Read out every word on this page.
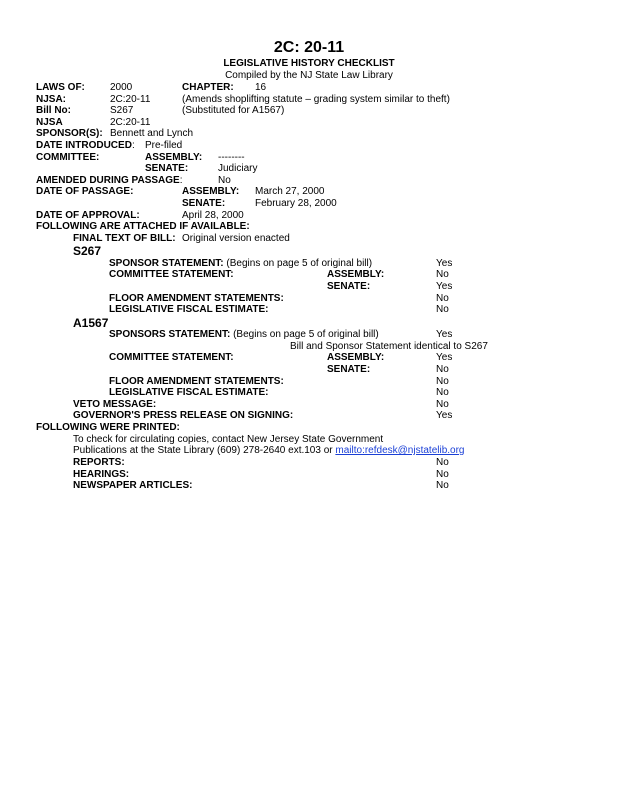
2C: 20-11
LEGISLATIVE HISTORY CHECKLIST
Compiled by the NJ State Law Library
LAWS OF:	2000	CHAPTER: 16
NJSA:	2C:20-11	(Amends shoplifting statute – grading system similar to theft)
Bill No:	S267	(Substituted for A1567)
NJSA	2C:20-11
SPONSOR(S): Bennett and Lynch
DATE INTRODUCED: Pre-filed
COMMITTEE:	ASSEMBLY: --------
SENATE:	Judiciary
AMENDED DURING PASSAGE:	No
DATE OF PASSAGE:	ASSEMBLY: March 27, 2000
SENATE:	February 28, 2000
DATE OF APPROVAL:	April 28, 2000
FOLLOWING ARE ATTACHED IF AVAILABLE:
FINAL TEXT OF BILL: Original version enacted
S267
SPONSOR STATEMENT: (Begins on page 5 of original bill)	Yes
COMMITTEE STATEMENT:	ASSEMBLY:	No
SENATE:	Yes
FLOOR AMENDMENT STATEMENTS:	No
LEGISLATIVE FISCAL ESTIMATE:	No
A1567
SPONSORS STATEMENT: (Begins on page 5 of original bill)	Yes
Bill and Sponsor Statement identical to S267
COMMITTEE STATEMENT:	ASSEMBLY:	Yes
SENATE:	No
FLOOR AMENDMENT STATEMENTS:	No
LEGISLATIVE FISCAL ESTIMATE:	No
VETO MESSAGE:	No
GOVERNOR'S PRESS RELEASE ON SIGNING:	Yes
FOLLOWING WERE PRINTED:
To check for circulating copies, contact New Jersey State Government
Publications at the State Library (609) 278-2640 ext.103 or mailto:refdesk@njstatelib.org
REPORTS:	No
HEARINGS:	No
NEWSPAPER ARTICLES:	No
